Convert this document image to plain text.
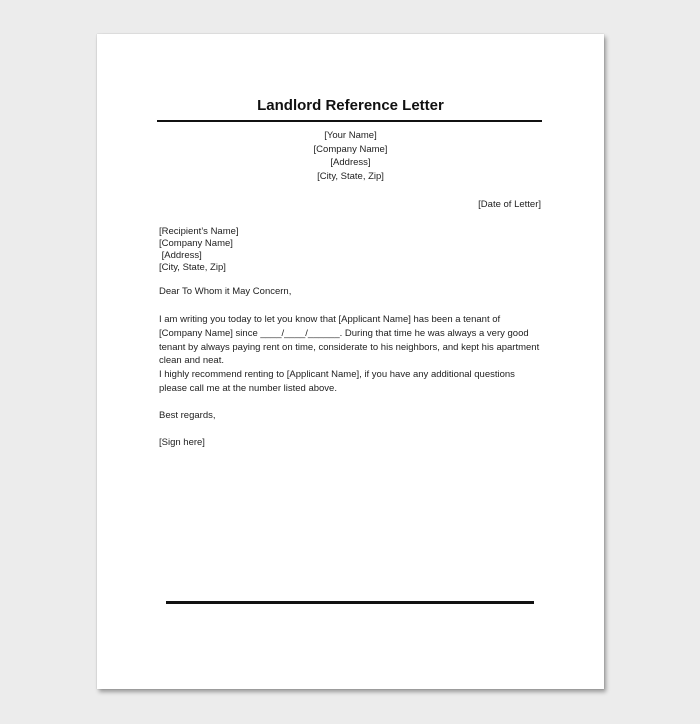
Landlord Reference Letter
[Your Name]
[Company Name]
[Address]
[City, State, Zip]
[Date of Letter]
[Recipient’s Name]
[Company Name]
[Address]
[City, State, Zip]
Dear To Whom it May Concern,
I am writing you today to let you know that [Applicant Name] has been a tenant of [Company Name] since ____/____/______. During that time he was always a very good tenant by always paying rent on time, considerate to his neighbors, and kept his apartment clean and neat.
I highly recommend renting to [Applicant Name], if you have any additional questions please call me at the number listed above.
Best regards,
[Sign here]
